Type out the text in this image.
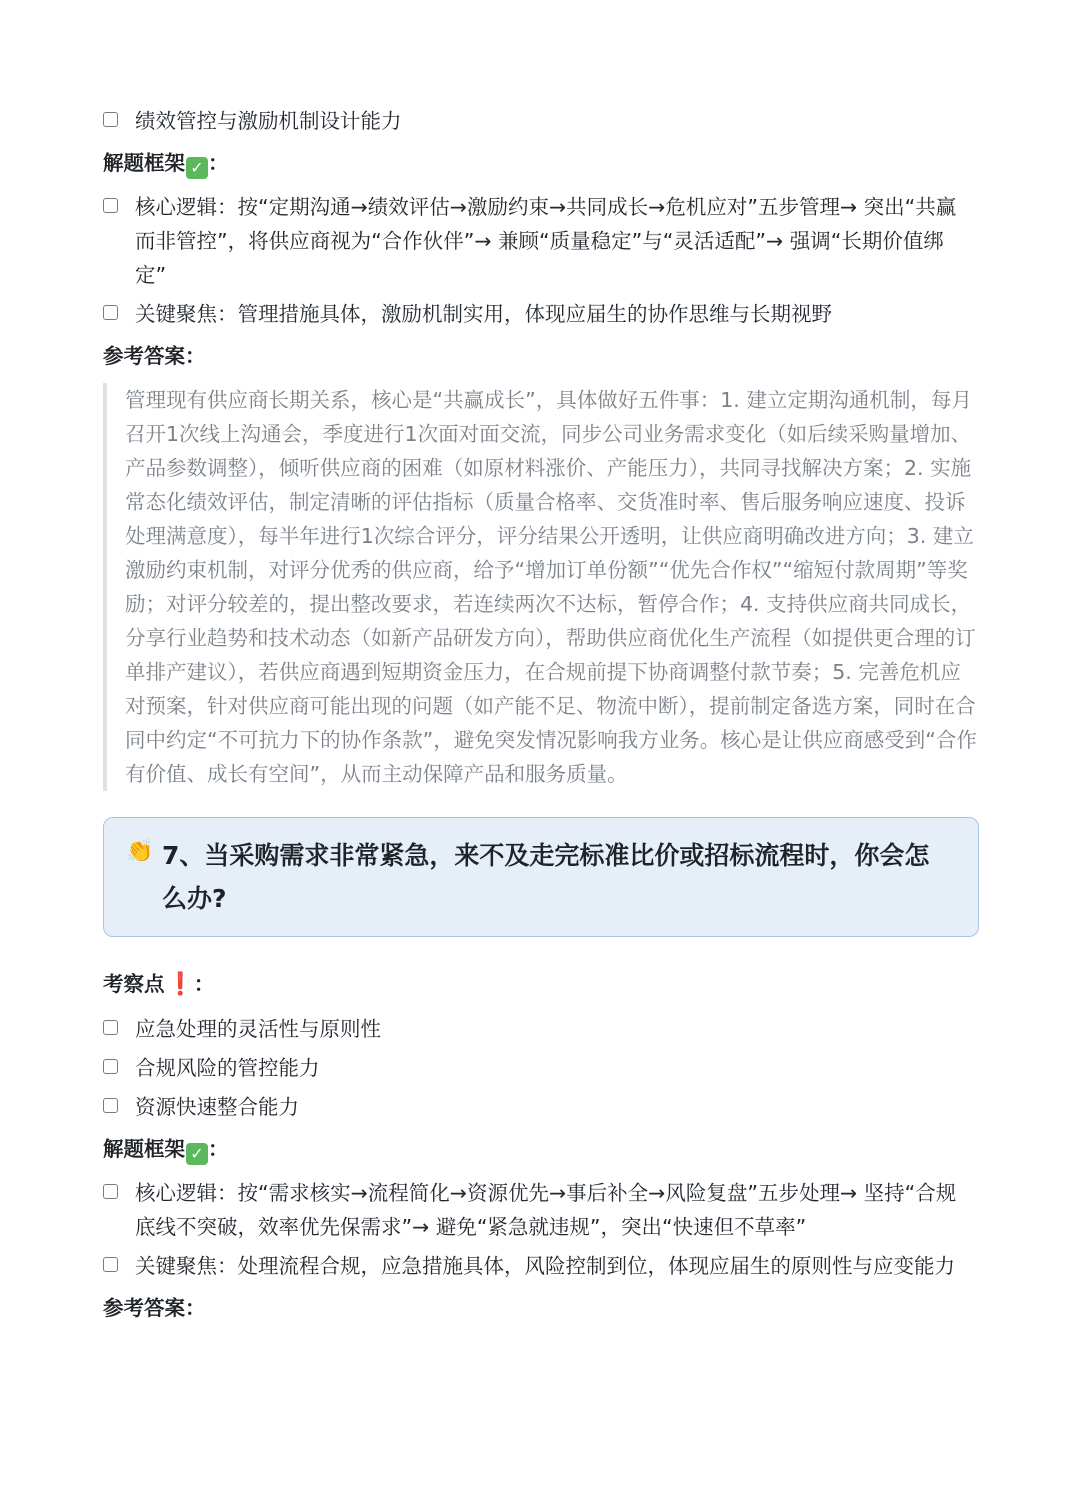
绩效管控与激励机制设计能力
解题框架 ✓ ：
核心逻辑：按“定期沟通→绩效评估→激励约束→共同成长→危机应对”五步管理→ 突出“共赢而非管控”，将供应商视为“合作伙伴”→ 兼顾“质量稳定”与“灵活适配”→ 强调“长期价值绑定”
关键聚焦：管理措施具体，激励机制实用，体现应届生的协作思维与长期视野
参考答案：
管理现有供应商长期关系，核心是“共赢成长”，具体做好五件事：1. 建立定期沟通机制，每月召开1次线上沟通会，季度进行1次面对面交流，同步公司业务需求变化（如后续采购量增加、产品参数调整），倾听供应商的困难（如原材料涨价、产能压力），共同寻找解决方案；2. 实施常态化绩效评估，制定清晰的评估指标（质量合格率、交货准时率、售后服务响应速度、投诉处理满意度），每半年进行1次综合评分，评分结果公开透明，让供应商明确改进方向；3. 建立激励约束机制，对评分优秀的供应商，给予“增加订单份额”“优先合作权”“缩短付款周期”等奖励；对评分较差的，提出整改要求，若连续两次不达标，暂停合作；4. 支持供应商共同成长，分享行业趋势和技术动态（如新产品研发方向），帮助供应商优化生产流程（如提供更合理的订单排产建议），若供应商遇到短期资金压力，在合规前提下协商调整付款节奏；5. 完善危机应对预案，针对供应商可能出现的问题（如产能不足、物流中断），提前制定备选方案，同时在合同中约定“不可抗力下的协作条款”，避免突发情况影响我方业务。核心是让供应商感受到“合作有价值、成长有空间”，从而主动保障产品和服务质量。
👏 7、当采购需求非常紧急，来不及走完标准比价或招标流程时，你会怎么办?
考察点❗：
应急处理的灵活性与原则性
合规风险的管控能力
资源快速整合能力
解题框架 ✓ ：
核心逻辑：按“需求核实→流程简化→资源优先→事后补全→风险复盘”五步处理→ 坚持“合规底线不突破，效率优先保需求”→ 避免“紧急就违规”，突出“快速但不草率”
关键聚焦：处理流程合规，应急措施具体，风险控制到位，体现应届生的原则性与应变能力
参考答案：
